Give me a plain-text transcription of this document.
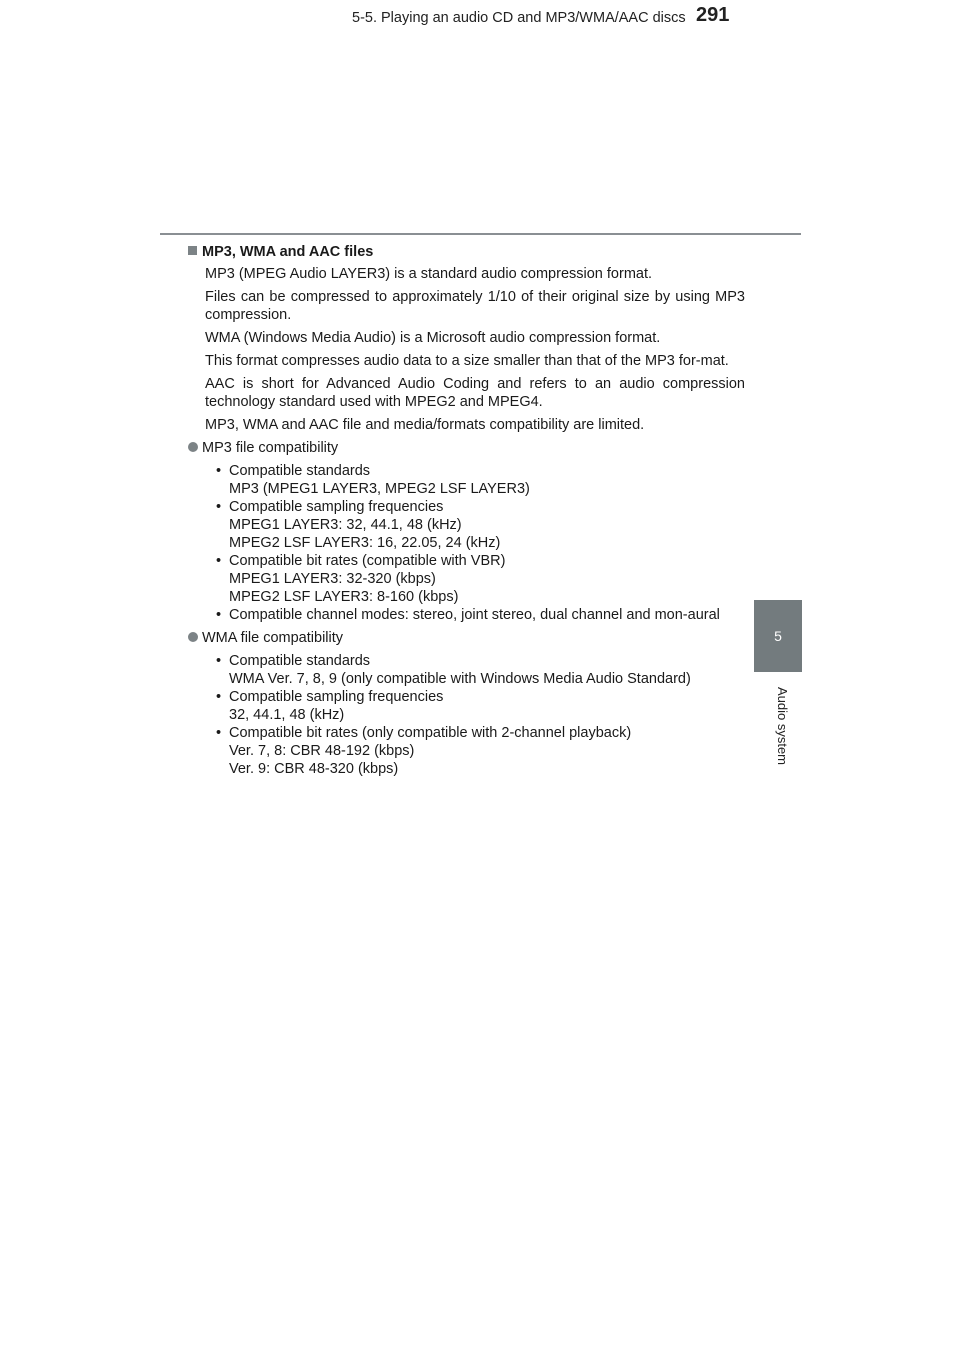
5-5. Playing an audio CD and MP3/WMA/AAC discs 291
5
Audio system
MP3, WMA and AAC files

MP3 (MPEG Audio LAYER3) is a standard audio compression format.

Files can be compressed to approximately 1/10 of their original size by using MP3 compression.

WMA (Windows Media Audio) is a Microsoft audio compression format.

This format compresses audio data to a size smaller than that of the MP3 for-mat.

AAC is short for Advanced Audio Coding and refers to an audio compression technology standard used with MPEG2 and MPEG4.

MP3, WMA and AAC file and media/formats compatibility are limited.

MP3 file compatibility
• Compatible standards
MP3 (MPEG1 LAYER3, MPEG2 LSF LAYER3)
• Compatible sampling frequencies
MPEG1 LAYER3: 32, 44.1, 48 (kHz)
MPEG2 LSF LAYER3: 16, 22.05, 24 (kHz)
• Compatible bit rates (compatible with VBR)
MPEG1 LAYER3: 32-320 (kbps)
MPEG2 LSF LAYER3: 8-160 (kbps)
• Compatible channel modes: stereo, joint stereo, dual channel and mon-aural
WMA file compatibility
• Compatible standards
WMA Ver. 7, 8, 9 (only compatible with Windows Media Audio Standard)
• Compatible sampling frequencies
32, 44.1, 48 (kHz)
• Compatible bit rates (only compatible with 2-channel playback)
Ver. 7, 8: CBR 48-192 (kbps)
Ver. 9: CBR 48-320 (kbps)
